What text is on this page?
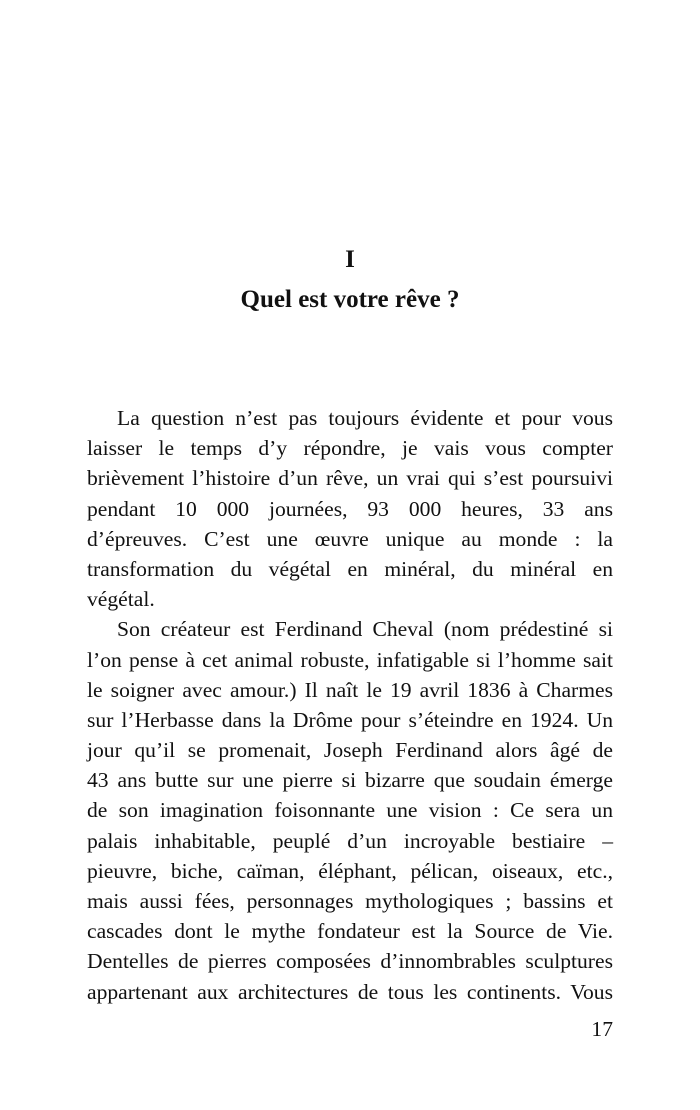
I
Quel est votre rêve ?
La question n’est pas toujours évidente et pour vous
laisser le temps d’y répondre, je vais vous compter
brièvement l’histoire d’un rêve, un vrai qui s’est poursuivi
pendant 10 000 journées, 93 000 heures, 33 ans
d’épreuves. C’est une œuvre unique au monde : la
transformation du végétal en minéral, du minéral en
végétal.
Son créateur est Ferdinand Cheval (nom prédestiné si
l’on pense à cet animal robuste, infatigable si l’homme sait
le soigner avec amour.) Il naît le 19 avril 1836 à Charmes
sur l’Herbasse dans la Drôme pour s’éteindre en 1924. Un
jour qu’il se promenait, Joseph Ferdinand alors âgé de
43 ans butte sur une pierre si bizarre que soudain émerge
de son imagination foisonnante une vision : Ce sera un
palais inhabitable, peuplé d’un incroyable bestiaire –
pieuvre, biche, caïman, éléphant, pélican, oiseaux, etc.,
mais aussi fées, personnages mythologiques ; bassins et
cascades dont le mythe fondateur est la Source de Vie.
Dentelles de pierres composées d’innombrables sculptures
appartenant aux architectures de tous les continents. Vous
17
